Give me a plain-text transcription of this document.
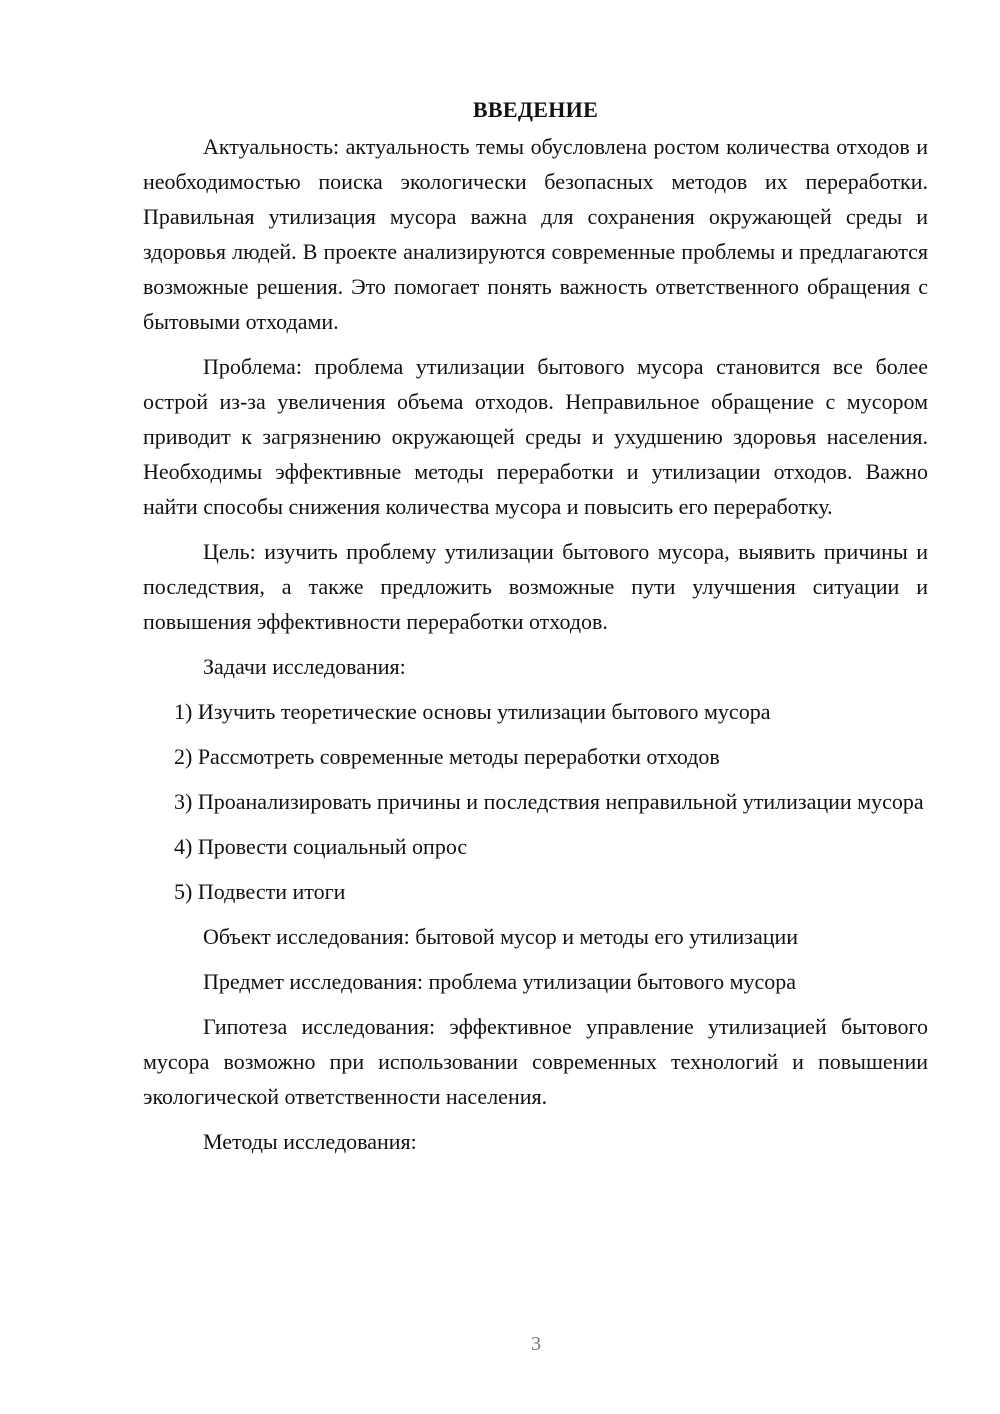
ВВЕДЕНИЕ

Актуальность: актуальность темы обусловлена ростом количества отходов и необходимостью поиска экологически безопасных методов их переработки. Правильная утилизация мусора важна для сохранения окружающей среды и здоровья людей. В проекте анализируются современные проблемы и предлагаются возможные решения. Это помогает понять важность ответственного обращения с бытовыми отходами.

Проблема: проблема утилизации бытового мусора становится все более острой из-за увеличения объема отходов. Неправильное обращение с мусором приводит к загрязнению окружающей среды и ухудшению здоровья населения. Необходимы эффективные методы переработки и утилизации отходов. Важно найти способы снижения количества мусора и повысить его переработку.

Цель: изучить проблему утилизации бытового мусора, выявить причины и последствия, а также предложить возможные пути улучшения ситуации и повышения эффективности переработки отходов.

Задачи исследования:

1) Изучить теоретические основы утилизации бытового мусора

2) Рассмотреть современные методы переработки отходов

3) Проанализировать причины и последствия неправильной утилизации мусора

4) Провести социальный опрос

5) Подвести итоги

Объект исследования: бытовой мусор и методы его утилизации

Предмет исследования: проблема утилизации бытового мусора

Гипотеза исследования: эффективное управление утилизацией бытового мусора возможно при использовании современных технологий и повышении экологической ответственности населения.

Методы исследования:

3
